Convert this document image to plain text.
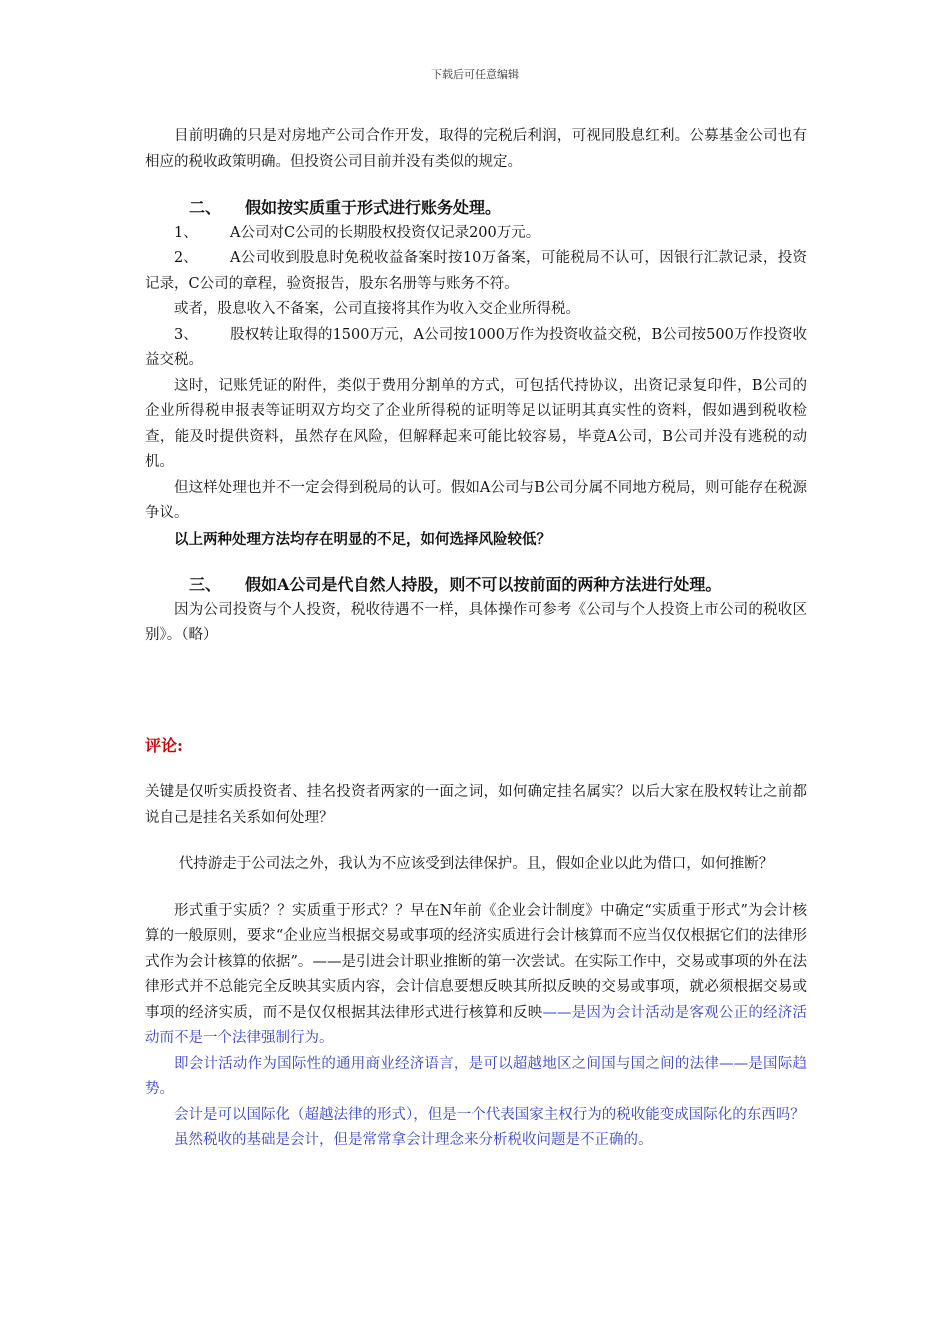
下载后可任意编辑

目前明确的只是对房地产公司合作开发，取得的完税后利润，可视同股息红利。公募基金公司也有相应的税收政策明确。但投资公司目前并没有类似的规定。

二、 假如按实质重于形式进行账务处理。

1、 A公司对C公司的长期股权投资仅记录200万元。

2、 A公司收到股息时免税收益备案时按10万备案，可能税局不认可，因银行汇款记录，投资记录，C公司的章程，验资报告，股东名册等与账务不符。

或者，股息收入不备案，公司直接将其作为收入交企业所得税。

3、 股权转让取得的1500万元，A公司按1000万作为投资收益交税，B公司按500万作投资收益交税。

这时，记账凭证的附件，类似于费用分割单的方式，可包括代持协议，出资记录复印件，B公司的企业所得税申报表等证明双方均交了企业所得税的证明等足以证明其真实性的资料，假如遇到税收检查，能及时提供资料，虽然存在风险，但解释起来可能比较容易，毕竟A公司，B公司并没有逃税的动机。

但这样处理也并不一定会得到税局的认可。假如A公司与B公司分属不同地方税局，则可能存在税源争议。

以上两种处理方法均存在明显的不足，如何选择风险较低？

三、 假如A公司是代自然人持股，则不可以按前面的两种方法进行处理。

因为公司投资与个人投资，税收待遇不一样，具体操作可参考《公司与个人投资上市公司的税收区别》。（略）

评论:

关键是仅听实质投资者、挂名投资者两家的一面之词，如何确定挂名属实？以后大家在股权转让之前都说自己是挂名关系如何处理？

代持游走于公司法之外，我认为不应该受到法律保护。且，假如企业以此为借口，如何推断？

形式重于实质？？实质重于形式？？早在N年前《企业会计制度》中确定“实质重于形式”为会计核算的一般原则，要求“企业应当根据交易或事项的经济实质进行会计核算而不应当仅仅根据它们的法律形式作为会计核算的依据”。——是引进会计职业推断的第一次尝试。在实际工作中，交易或事项的外在法律形式并不总能完全反映其实质内容，会计信息要想反映其所拟反映的交易或事项，就必须根据交易或事项的经济实质，而不是仅仅根据其法律形式进行核算和反映——是因为会计活动是客观公正的经济活动而不是一个法律强制行为。

即会计活动作为国际性的通用商业经济语言，是可以超越地区之间国与国之间的法律——是国际趋势。

会计是可以国际化（超越法律的形式），但是一个代表国家主权行为的税收能变成国际化的东西吗？

虽然税收的基础是会计，但是常常拿会计理念来分析税收问题是不正确的。
